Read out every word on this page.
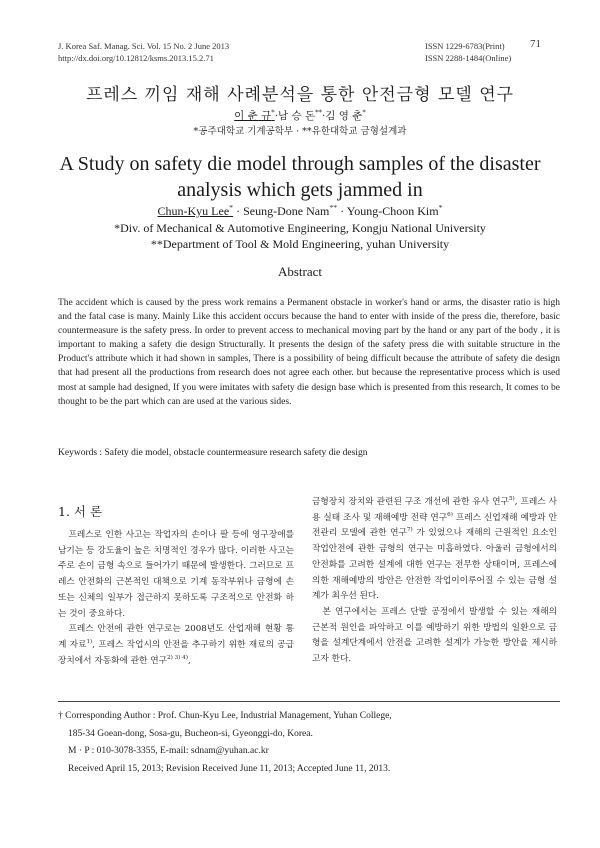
J. Korea Saf. Manag. Sci. Vol. 15 No. 2 June 2013
http://dx.doi.org/10.12812/ksms.2013.15.2.71
ISSN 1229-6783(Print)
ISSN 2288-1484(Online)
71
프레스 끼임 재해 사례분석을 통한 안전금형 모델 연구
이 춘 규*·남 승 돈**·김 영 춘*
*공주대학교 기계공학부 · **유한대학교 금형설계과
A Study on safety die model through samples of the disaster
analysis which gets jammed in
Chun-Kyu Lee* · Seung-Done Nam** · Young-Choon Kim*
*Div. of Mechanical & Automotive Engineering, Kongju National University
**Department of Tool & Mold Engineering, yuhan University
Abstract
The accident which is caused by the press work remains a Permanent obstacle in worker's hand or arms, the disaster ratio is high and the fatal case is many. Mainly Like this accident occurs because the hand to enter with inside of the press die, therefore, basic countermeasure is the safety press. In order to prevent access to mechanical moving part by the hand or any part of the body , it is important to making a safety die design Structurally. It presents the design of the safety press die with suitable structure in the Product's attribute which it had shown in samples, There is a possibility of being difficult because the attribute of safety die design that had present all the productions from research does not agree each other. but because the representative process which is used most at sample had designed, If you were imitates with safety die design base which is presented from this research, It comes to be thought to be the part which can are used at the various sides.
Keywords : Safety die model, obstacle countermeasure research safety die design
1. 서 론

프레스로 인한 사고는 작업자의 손이나 팔 등에 영구장애를 남기는 등 강도율이 높은 치명적인 경우가 많다. 이러한 사고는 주로 손이 금형 속으로 들어가기 때문에 발생한다. 그러므로 프레스 안전화의 근본적인 대책으로 기계 동작부위나 금형에 손 또는 신체의 일부가 접근하지 못하도록 구조적으로 안전화 하는 것이 중요하다.

프레스 안전에 관한 연구로는 2008년도 산업재해 현황 통계 자료$^{1)}$, 프레스 작업시의 안전을 추구하기 위한 재료의 공급 장치에서 자동화에 관한 연구$^{2) 3) 4)}$,

금형장치 장치와 관련된 구조 개선에 관한 유사 연구$^{5)}$, 프레스 사용 실태 조사 및 재해예방 전략 연구$^{6)}$ 프레스 신업재해 예방과 안전관리 모델에 관한 연구$^{7)}$ 가 있었으나 재해의 근원적인 요소인 작업안전에 관한 금형의 연구는 미흡하였다. 아울러 금형에서의 안전화를 고려한 설계에 대한 연구는 전무한 상태이며, 프레스에 의한 재해예방의 방안은 안전한 작업이이루어질 수 있는 금형 설계가 최우선 된다.

본 연구에서는 프레스 단발 공정에서 발생할 수 있는 재해의 근본적 원인을 파악하고 이를 예방하기 위한 방법의 일환으로 금형을 설계단계에서 안전을 고려한 설계가 가능한 방안을 제시하고자 한다.

† Corresponding Author : Prof. Chun-Kyu Lee, Industrial Management, Yuhan College,
185-34 Goean-dong, Sosa-gu, Bucheon-si, Gyeonggi-do, Korea.
M · P : 010-3078-3355, E-mail: sdnam@yuhan.ac.kr
Received April 15, 2013; Revision Received June 11, 2013; Accepted June 11, 2013.
